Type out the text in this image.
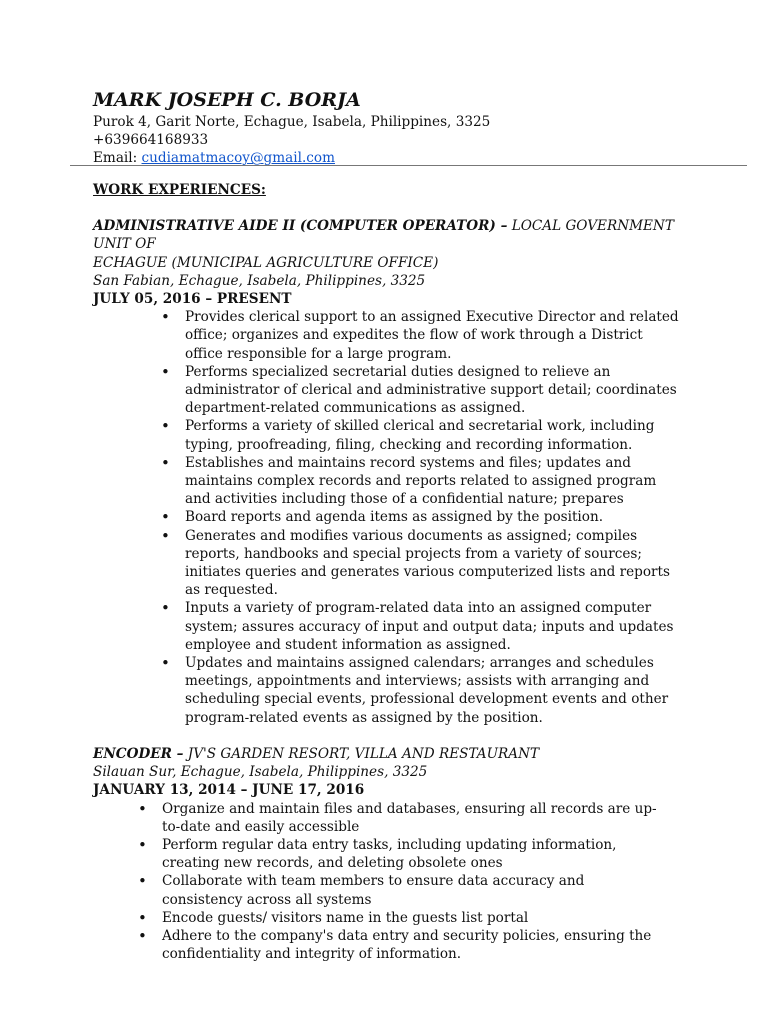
MARK JOSEPH C. BORJA
Purok 4, Garit Norte, Echague, Isabela, Philippines, 3325
+639664168933
Email: cudiamatmacoy@gmail.com
WORK EXPERIENCES:
ADMINISTRATIVE AIDE II (COMPUTER OPERATOR) – LOCAL GOVERNMENT UNIT OF
ECHAGUE (MUNICIPAL AGRICULTURE OFFICE)
San Fabian, Echague, Isabela, Philippines, 3325
JULY 05, 2016 – PRESENT
• Provides clerical support to an assigned Executive Director and related office; organizes and expedites the flow of work through a District office responsible for a large program.
• Performs specialized secretarial duties designed to relieve an administrator of clerical and administrative support detail; coordinates department-related communications as assigned.
• Performs a variety of skilled clerical and secretarial work, including typing, proofreading, filing, checking and recording information.
• Establishes and maintains record systems and files; updates and maintains complex records and reports related to assigned program and activities including those of a confidential nature; prepares
• Board reports and agenda items as assigned by the position.
• Generates and modifies various documents as assigned; compiles reports, handbooks and special projects from a variety of sources; initiates queries and generates various computerized lists and reports as requested.
• Inputs a variety of program-related data into an assigned computer system; assures accuracy of input and output data; inputs and updates employee and student information as assigned.
• Updates and maintains assigned calendars; arranges and schedules meetings, appointments and interviews; assists with arranging and scheduling special events, professional development events and other program-related events as assigned by the position.
ENCODER – JV'S GARDEN RESORT, VILLA AND RESTAURANT
Silauan Sur, Echague, Isabela, Philippines, 3325
JANUARY 13, 2014 – JUNE 17, 2016
• Organize and maintain files and databases, ensuring all records are up-to-date and easily accessible
• Perform regular data entry tasks, including updating information, creating new records, and deleting obsolete ones
• Collaborate with team members to ensure data accuracy and consistency across all systems
• Encode guests/ visitors name in the guests list portal
• Adhere to the company's data entry and security policies, ensuring the confidentiality and integrity of information.
